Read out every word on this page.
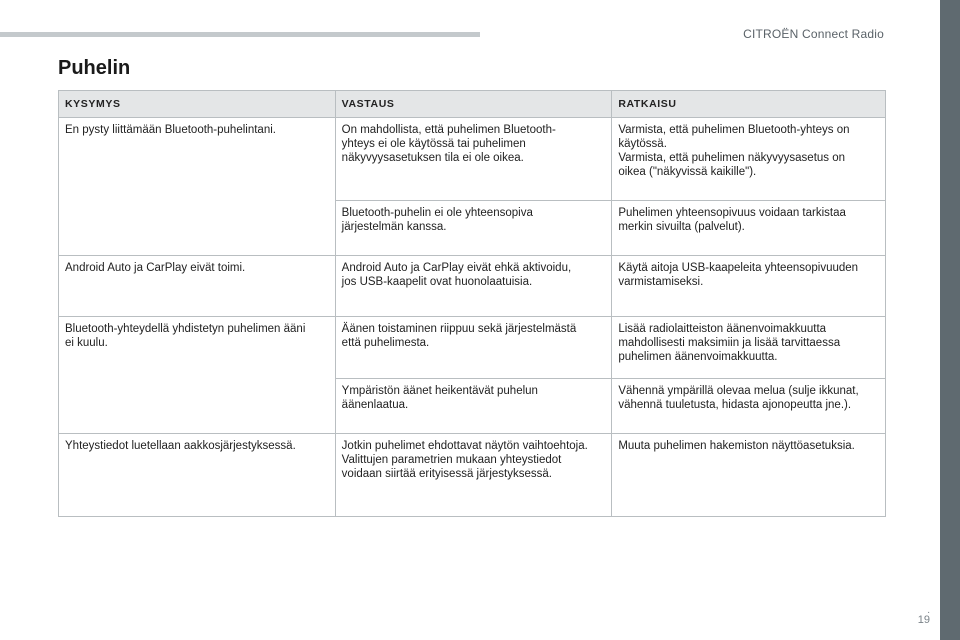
CITROËN Connect Radio
Puhelin
KYSYMYS	VASTAUS	RATKAISU
En pysty liittämään Bluetooth-puhelintani.	On mahdollista, että puhelimen Bluetooth-
yhteys ei ole käytössä tai puhelimen
näkyvyysasetuksen tila ei ole oikea.	Varmista, että puhelimen Bluetooth-yhteys on
käytössä.
Varmista, että puhelimen näkyvyysasetus on
oikea ("näkyvissä kaikille").
	Bluetooth-puhelin ei ole yhteensopiva
järjestelmän kanssa.	Puhelimen yhteensopivuus voidaan tarkistaa
merkin sivuilta (palvelut).
Android Auto ja CarPlay eivät toimi.	Android Auto ja CarPlay eivät ehkä aktivoidu,
jos USB-kaapelit ovat huonolaatuisia.	Käytä aitoja USB-kaapeleita yhteensopivuuden
varmistamiseksi.
Bluetooth-yhteydellä yhdistetyn puhelimen ääni
ei kuulu.	Äänen toistaminen riippuu sekä järjestelmästä
että puhelimesta.	Lisää radiolaitteiston äänenvoimakkuutta
mahdollisesti maksimiin ja lisää tarvittaessa
puhelimen äänenvoimakkuutta.
	Ympäristön äänet heikentävät puhelun
äänenlaatua.	Vähennä ympärillä olevaa melua (sulje ikkunat,
vähennä tuuletusta, hidasta ajonopeutta jne.).
Yhteystiedot luetellaan aakkosjärjestyksessä.	Jotkin puhelimet ehdottavat näytön vaihtoehtoja.
Valittujen parametrien mukaan yhteystiedot
voidaan siirtää erityisessä järjestyksessä.	Muuta puhelimen hakemiston näyttöasetuksia.
.
19
